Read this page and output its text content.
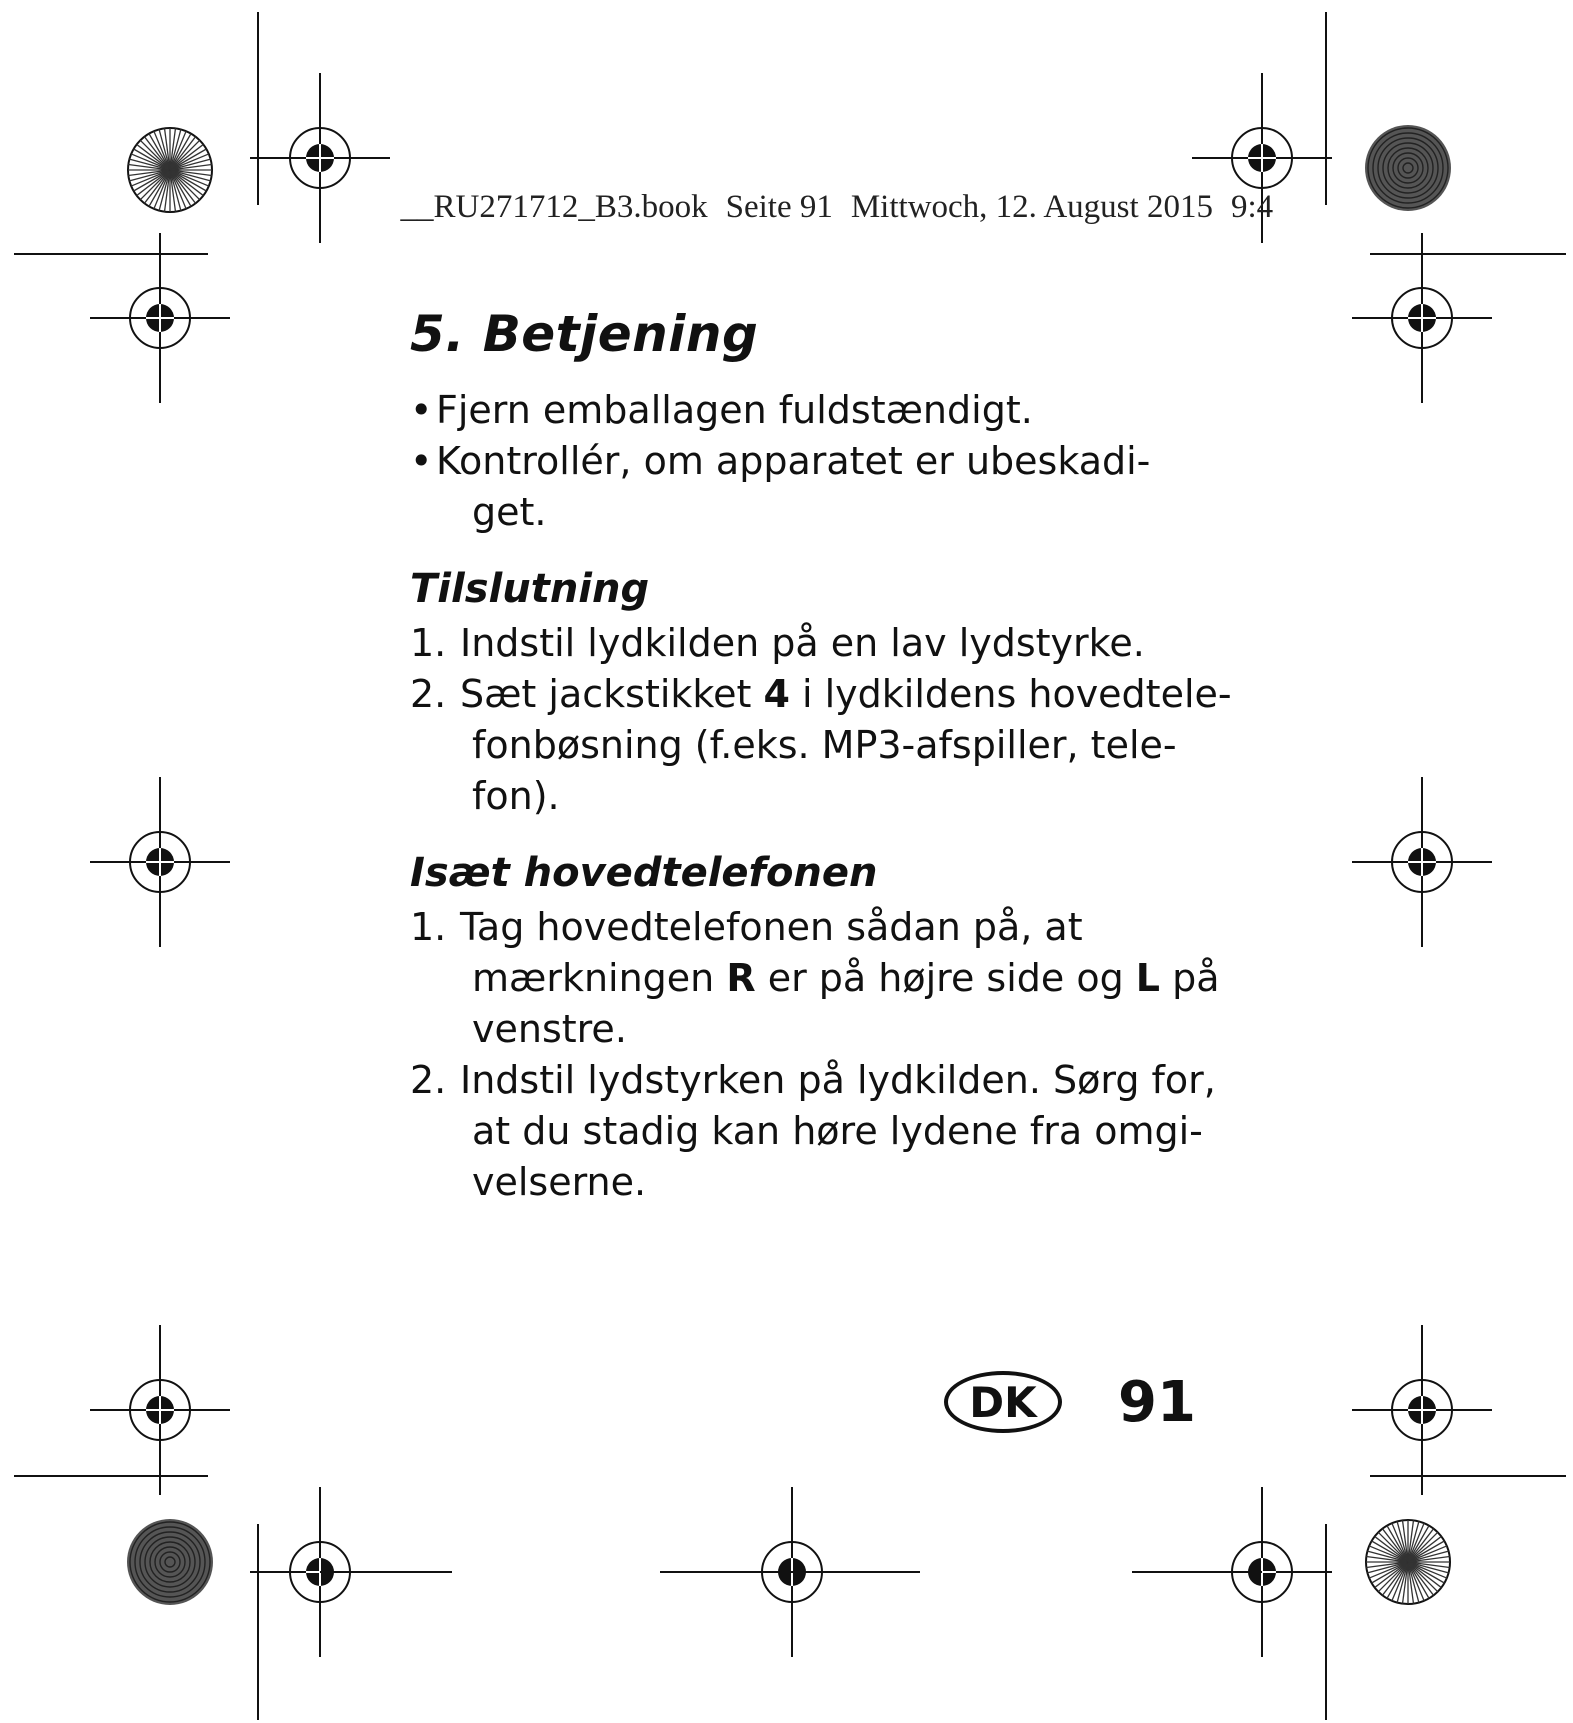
__RU271712_B3.book Seite 91 Mittwoch, 12. August 2015 9:4

5. Betjening
•Fjern emballagen fuldstændigt.
•Kontrollér, om apparatet er ubeskadi-
get.
Tilslutning
1. Indstil lydkilden på en lav lydstyrke.
2. Sæt jackstikket 4 i lydkildens hovedtele-
fonbøsning (f.eks. MP3-afspiller, tele-
fon).
Isæt hovedtelefonen
1. Tag hovedtelefonen sådan på, at
mærkningen R er på højre side og L på
venstre.
2. Indstil lydstyrken på lydkilden. Sørg for,
at du stadig kan høre lydene fra omgi-
velserne.
DK	91
